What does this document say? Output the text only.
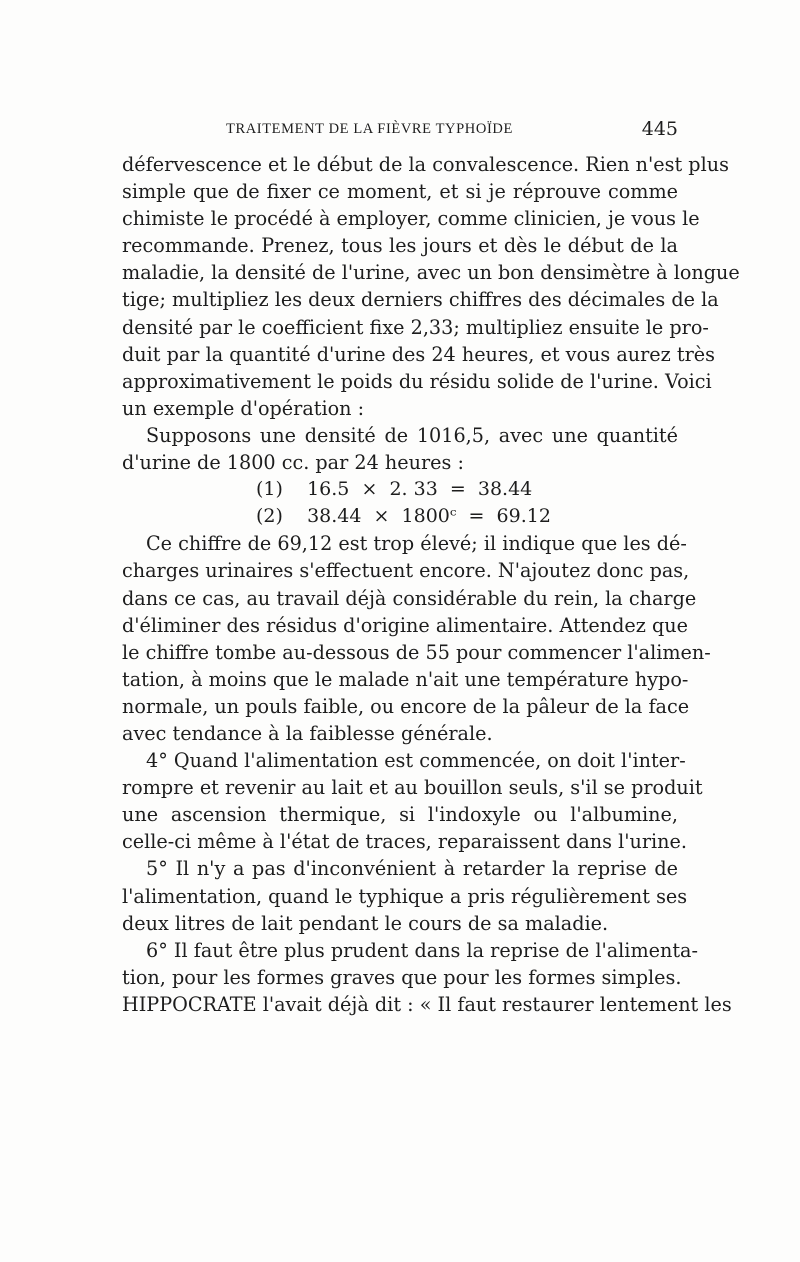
TRAITEMENT DE LA FIÈVRE TYPHOÏDE	445
défervescence et le début de la convalescence. Rien n'est plus
simple que de fixer ce moment, et si je réprouve comme
chimiste le procédé à employer, comme clinicien, je vous le
recommande. Prenez, tous les jours et dès le début de la
maladie, la densité de l'urine, avec un bon densimètre à longue
tige; multipliez les deux derniers chiffres des décimales de la
densité par le coefficient fixe 2,33; multipliez ensuite le pro-
duit par la quantité d'urine des 24 heures, et vous aurez très
approximativement le poids du résidu solide de l'urine. Voici
un exemple d'opération :
Supposons une densité de 1016,5, avec une quantité
d'urine de 1800 cc. par 24 heures :
(1)    16.5  ×  2. 33  =  38.44
(2)    38.44  ×  1800ᶜ  =  69.12
Ce chiffre de 69,12 est trop élevé; il indique que les dé-
charges urinaires s'effectuent encore. N'ajoutez donc pas,
dans ce cas, au travail déjà considérable du rein, la charge
d'éliminer des résidus d'origine alimentaire. Attendez que
le chiffre tombe au-dessous de 55 pour commencer l'alimen-
tation, à moins que le malade n'ait une température hypo-
normale, un pouls faible, ou encore de la pâleur de la face
avec tendance à la faiblesse générale.
4° Quand l'alimentation est commencée, on doit l'inter-
rompre et revenir au lait et au bouillon seuls, s'il se produit
une ascension thermique, si l'indoxyle ou l'albumine,
celle-ci même à l'état de traces, reparaissent dans l'urine.
5° Il n'y a pas d'inconvénient à retarder la reprise de
l'alimentation, quand le typhique a pris régulièrement ses
deux litres de lait pendant le cours de sa maladie.
6° Il faut être plus prudent dans la reprise de l'alimenta-
tion, pour les formes graves que pour les formes simples.
HIPPOCRATE l'avait déjà dit : « Il faut restaurer lentement les
